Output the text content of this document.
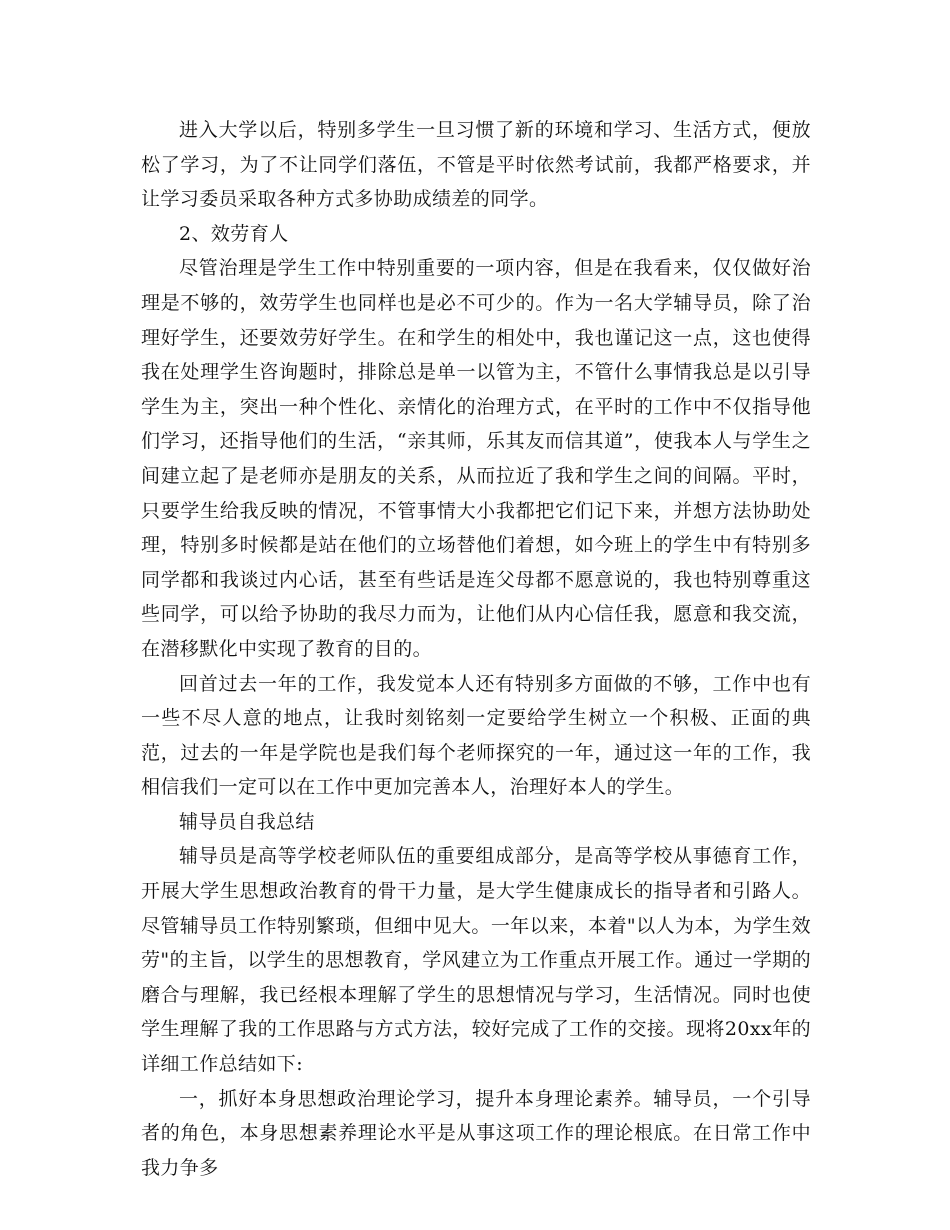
进入大学以后，特别多学生一旦习惯了新的环境和学习、生活方式，便放松了学习，为了不让同学们落伍，不管是平时依然考试前，我都严格要求，并让学习委员采取各种方式多协助成绩差的同学。

2、效劳育人

尽管治理是学生工作中特别重要的一项内容，但是在我看来，仅仅做好治理是不够的，效劳学生也同样也是必不可少的。作为一名大学辅导员，除了治理好学生，还要效劳好学生。在和学生的相处中，我也谨记这一点，这也使得我在处理学生咨询题时，排除总是单一以管为主，不管什么事情我总是以引导学生为主，突出一种个性化、亲情化的治理方式，在平时的工作中不仅指导他们学习，还指导他们的生活，“亲其师，乐其友而信其道”，使我本人与学生之间建立起了是老师亦是朋友的关系，从而拉近了我和学生之间的间隔。平时，只要学生给我反映的情况，不管事情大小我都把它们记下来，并想方法协助处理，特别多时候都是站在他们的立场替他们着想，如今班上的学生中有特别多同学都和我谈过内心话，甚至有些话是连父母都不愿意说的，我也特别尊重这些同学，可以给予协助的我尽力而为，让他们从内心信任我，愿意和我交流，在潜移默化中实现了教育的目的。

回首过去一年的工作，我发觉本人还有特别多方面做的不够，工作中也有一些不尽人意的地点，让我时刻铭刻一定要给学生树立一个积极、正面的典范，过去的一年是学院也是我们每个老师探究的一年，通过这一年的工作，我相信我们一定可以在工作中更加完善本人，治理好本人的学生。

辅导员自我总结

辅导员是高等学校老师队伍的重要组成部分，是高等学校从事德育工作，开展大学生思想政治教育的骨干力量，是大学生健康成长的指导者和引路人。尽管辅导员工作特别繁琐，但细中见大。一年以来，本着"以人为本，为学生效劳"的主旨，以学生的思想教育，学风建立为工作重点开展工作。通过一学期的磨合与理解，我已经根本理解了学生的思想情况与学习，生活情况。同时也使学生理解了我的工作思路与方式方法，较好完成了工作的交接。现将20xx年的详细工作总结如下:

一，抓好本身思想政治理论学习，提升本身理论素养。辅导员，一个引导者的角色，本身思想素养理论水平是从事这项工作的理论根底。在日常工作中我力争多
